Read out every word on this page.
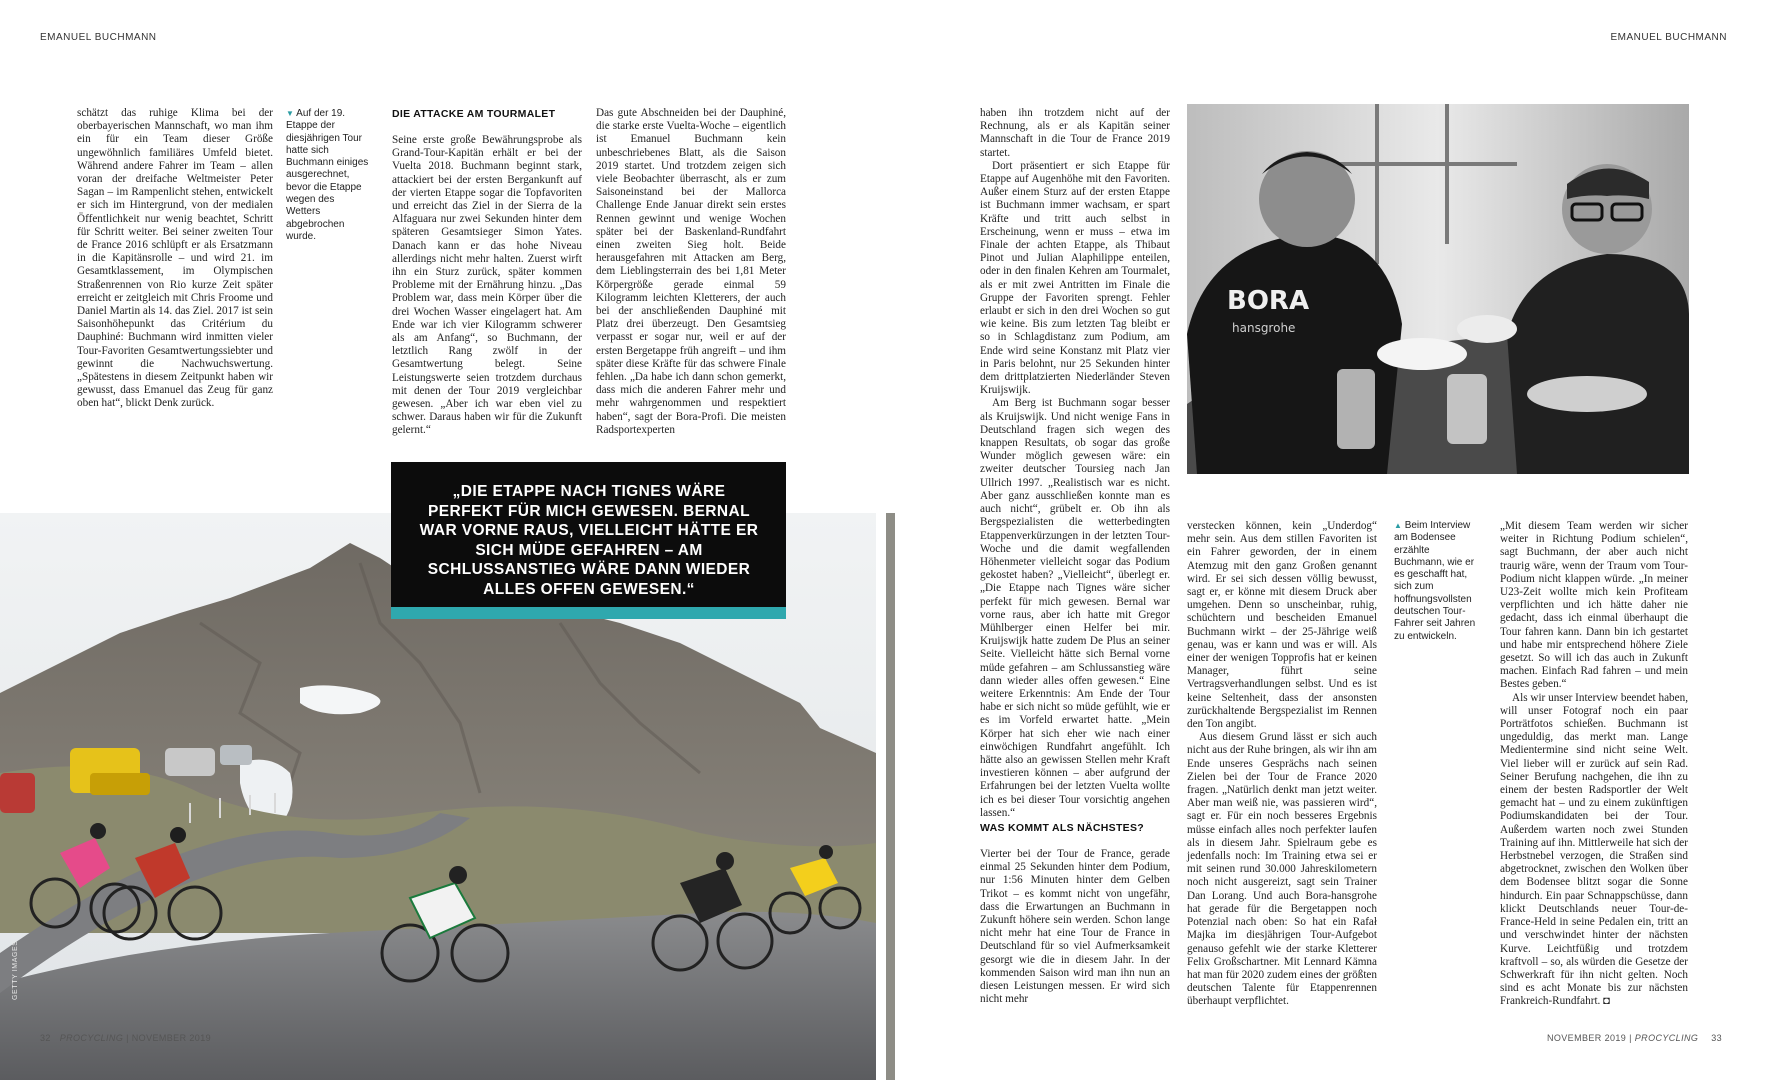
EMANUEL BUCHMANN	EMANUEL BUCHMANN

schätzt das ruhige Klima bei der oberbayerischen Mannschaft, wo man ihm ein für ein Team dieser Größe ungewöhnlich familiäres Umfeld bietet. Während andere Fahrer im Team – allen voran der dreifache Weltmeister Peter Sagan – im Rampenlicht stehen, entwickelt er sich im Hintergrund, von der medialen Öffentlichkeit nur wenig beachtet, Schritt für Schritt weiter. Bei seiner zweiten Tour de France 2016 schlüpft er als Ersatzmann in die Kapitänsrolle – und wird 21. im Gesamtklassement, im Olympischen Straßenrennen von Rio kurze Zeit später erreicht er zeitgleich mit Chris Froome und Daniel Martin als 14. das Ziel. 2017 ist sein Saisonhöhepunkt das Critérium du Dauphiné: Buchmann wird inmitten vieler Tour-Favoriten Gesamtwertungssiebter und gewinnt die Nachwuchswertung. „Spätestens in diesem Zeitpunkt haben wir gewusst, dass Emanuel das Zeug für ganz oben hat“, blickt Denk zurück.

▼ Auf der 19. Etappe der diesjährigen Tour hatte sich Buchmann einiges ausgerechnet, bevor die Etappe wegen des Wetters abgebrochen wurde.
DIE ATTACKE AM TOURMALET

Seine erste große Bewährungsprobe als Grand-Tour-Kapitän erhält er bei der Vuelta 2018. Buchmann beginnt stark, attackiert bei der ersten Bergankunft auf der vierten Etappe sogar die Topfavoriten und erreicht das Ziel in der Sierra de la Alfaguara nur zwei Sekunden hinter dem späteren Gesamtsieger Simon Yates. Danach kann er das hohe Niveau allerdings nicht mehr halten. Zuerst wirft ihn ein Sturz zurück, später kommen Probleme mit der Ernährung hinzu. „Das Problem war, dass mein Körper über die drei Wochen Wasser eingelagert hat. Am Ende war ich vier Kilogramm schwerer als am Anfang“, so Buchmann, der letztlich Rang zwölf in der Gesamtwertung belegt. Seine Leistungswerte seien trotzdem durchaus mit denen der Tour 2019 vergleichbar gewesen. „Aber ich war eben viel zu schwer. Daraus haben wir für die Zukunft gelernt.“

Das gute Abschneiden bei der Dauphiné, die starke erste Vuelta-Woche – eigentlich ist Emanuel Buchmann kein unbeschriebenes Blatt, als die Saison 2019 startet. Und trotzdem zeigen sich viele Beobachter überrascht, als er zum Saisoneinstand bei der Mallorca Challenge Ende Januar direkt sein erstes Rennen gewinnt und wenige Wochen später bei der Baskenland-Rundfahrt einen zweiten Sieg holt. Beide herausgefahren mit Attacken am Berg, dem Lieblingsterrain des bei 1,81 Meter Körpergröße gerade einmal 59 Kilogramm leichten Kletterers, der auch bei der anschließenden Dauphiné mit Platz drei überzeugt. Den Gesamtsieg verpasst er sogar nur, weil er auf der ersten Bergetappe früh angreift – und ihm später diese Kräfte für das schwere Finale fehlen. „Da habe ich dann schon gemerkt, dass mich die anderen Fahrer mehr und mehr wahrgenommen und respektiert haben“, sagt der Bora-Profi. Die meisten Radsportexperten

GETTY IMAGES
„DIE ETAPPE NACH TIGNES WÄRE PERFEKT FÜR MICH GEWESEN. BERNAL WAR VORNE RAUS, VIELLEICHT HÄTTE ER SICH MÜDE GEFAHREN – AM SCHLUSSANSTIEG WÄRE DANN WIEDER ALLES OFFEN GEWESEN.“
32 PROCYCLING | NOVEMBER 2019

haben ihn trotzdem nicht auf der Rechnung, als er als Kapitän seiner Mannschaft in die Tour de France 2019 startet.

Dort präsentiert er sich Etappe für Etappe auf Augenhöhe mit den Favoriten. Außer einem Sturz auf der ersten Etappe ist Buchmann immer wachsam, er spart Kräfte und tritt auch selbst in Erscheinung, wenn er muss – etwa im Finale der achten Etappe, als Thibaut Pinot und Julian Alaphilippe enteilen, oder in den finalen Kehren am Tourmalet, als er mit zwei Antritten im Finale die Gruppe der Favoriten sprengt. Fehler erlaubt er sich in den drei Wochen so gut wie keine. Bis zum letzten Tag bleibt er so in Schlagdistanz zum Podium, am Ende wird seine Konstanz mit Platz vier in Paris belohnt, nur 25 Sekunden hinter dem drittplatzierten Niederländer Steven Kruijswijk.

Am Berg ist Buchmann sogar besser als Kruijswijk. Und nicht wenige Fans in Deutschland fragen sich wegen des knappen Resultats, ob sogar das große Wunder möglich gewesen wäre: ein zweiter deutscher Toursieg nach Jan Ullrich 1997. „Realistisch war es nicht. Aber ganz ausschließen konnte man es auch nicht“, grübelt er. Ob ihn als Bergspezialisten die wetterbedingten Etappenverkürzungen in der letzten Tour-Woche und die damit wegfallenden Höhenmeter vielleicht sogar das Podium gekostet haben? „Vielleicht“, überlegt er. „Die Etappe nach Tignes wäre sicher perfekt für mich gewesen. Bernal war vorne raus, aber ich hatte mit Gregor Mühlberger einen Helfer bei mir. Kruijswijk hatte zudem De Plus an seiner Seite. Vielleicht hätte sich Bernal vorne müde gefahren – am Schlussanstieg wäre dann wieder alles offen gewesen.“ Eine weitere Erkenntnis: Am Ende der Tour habe er sich nicht so müde gefühlt, wie er es im Vorfeld erwartet hatte. „Mein Körper hat sich eher wie nach einer einwöchigen Rundfahrt angefühlt. Ich hätte also an gewissen Stellen mehr Kraft investieren können – aber aufgrund der Erfahrungen bei der letzten Vuelta wollte ich es bei dieser Tour vorsichtig angehen lassen.“

WAS KOMMT ALS NÄCHSTES?

Vierter bei der Tour de France, gerade einmal 25 Sekunden hinter dem Podium, nur 1:56 Minuten hinter dem Gelben Trikot – es kommt nicht von ungefähr, dass die Erwartungen an Buchmann in Zukunft höhere sein werden. Schon lange nicht mehr hat eine Tour de France in Deutschland für so viel Aufmerksamkeit gesorgt wie die in diesem Jahr. In der kommenden Saison wird man ihn nun an diesen Leistungen messen. Er wird sich nicht mehr

verstecken können, kein „Underdog“ mehr sein. Aus dem stillen Favoriten ist ein Fahrer geworden, der in einem Atemzug mit den ganz Großen genannt wird. Er sei sich dessen völlig bewusst, sagt er, er könne mit diesem Druck aber umgehen. Denn so unscheinbar, ruhig, schüchtern und bescheiden Emanuel Buchmann wirkt – der 25-Jährige weiß genau, was er kann und was er will. Als einer der wenigen Topprofis hat er keinen Manager, führt seine Vertragsverhandlungen selbst. Und es ist keine Seltenheit, dass der ansonsten zurückhaltende Bergspezialist im Rennen den Ton angibt.

Aus diesem Grund lässt er sich auch nicht aus der Ruhe bringen, als wir ihn am Ende unseres Gesprächs nach seinen Zielen bei der Tour de France 2020 fragen. „Natürlich denkt man jetzt weiter. Aber man weiß nie, was passieren wird“, sagt er. Für ein noch besseres Ergebnis müsse einfach alles noch perfekter laufen als in diesem Jahr. Spielraum gebe es jedenfalls noch: Im Training etwa sei er mit seinen rund 30.000 Jahreskilometern noch nicht ausgereizt, sagt sein Trainer Dan Lorang. Und auch Bora-hansgrohe hat gerade für die Bergetappen noch Potenzial nach oben: So hat ein Rafał Majka im diesjährigen Tour-Aufgebot genauso gefehlt wie der starke Kletterer Felix Großschartner. Mit Lennard Kämna hat man für 2020 zudem eines der größten deutschen Talente für Etappenrennen überhaupt verpflichtet.

▲ Beim Interview am Bodensee erzählte Buchmann, wie er es geschafft hat, sich zum hoffnungsvollsten deutschen Tour-Fahrer seit Jahren zu entwickeln.

„Mit diesem Team werden wir sicher weiter in Richtung Podium schielen“, sagt Buchmann, der aber auch nicht traurig wäre, wenn der Traum vom Tour-Podium nicht klappen würde. „In meiner U23-Zeit wollte mich kein Profiteam verpflichten und ich hätte daher nie gedacht, dass ich einmal überhaupt die Tour fahren kann. Dann bin ich gestartet und habe mir entsprechend höhere Ziele gesetzt. So will ich das auch in Zukunft machen. Einfach Rad fahren – und mein Bestes geben.“

Als wir unser Interview beendet haben, will unser Fotograf noch ein paar Porträtfotos schießen. Buchmann ist ungeduldig, das merkt man. Lange Medientermine sind nicht seine Welt. Viel lieber will er zurück auf sein Rad. Seiner Berufung nachgehen, die ihn zu einem der besten Radsportler der Welt gemacht hat – und zu einem zukünftigen Podiumskandidaten bei der Tour. Außerdem warten noch zwei Stunden Training auf ihn. Mittlerweile hat sich der Herbstnebel verzogen, die Straßen sind abgetrocknet, zwischen den Wolken über dem Bodensee blitzt sogar die Sonne hindurch. Ein paar Schnappschüsse, dann klickt Deutschlands neuer Tour-de-France-Held in seine Pedalen ein, tritt an und verschwindet hinter der nächsten Kurve. Leichtfüßig und trotzdem kraftvoll – so, als würden die Gesetze der Schwerkraft für ihn nicht gelten. Noch sind es acht Monate bis zur nächsten Frankreich-Rundfahrt. ◘

BORA
hansgrohe
NOVEMBER 2019 | PROCYCLING 33
